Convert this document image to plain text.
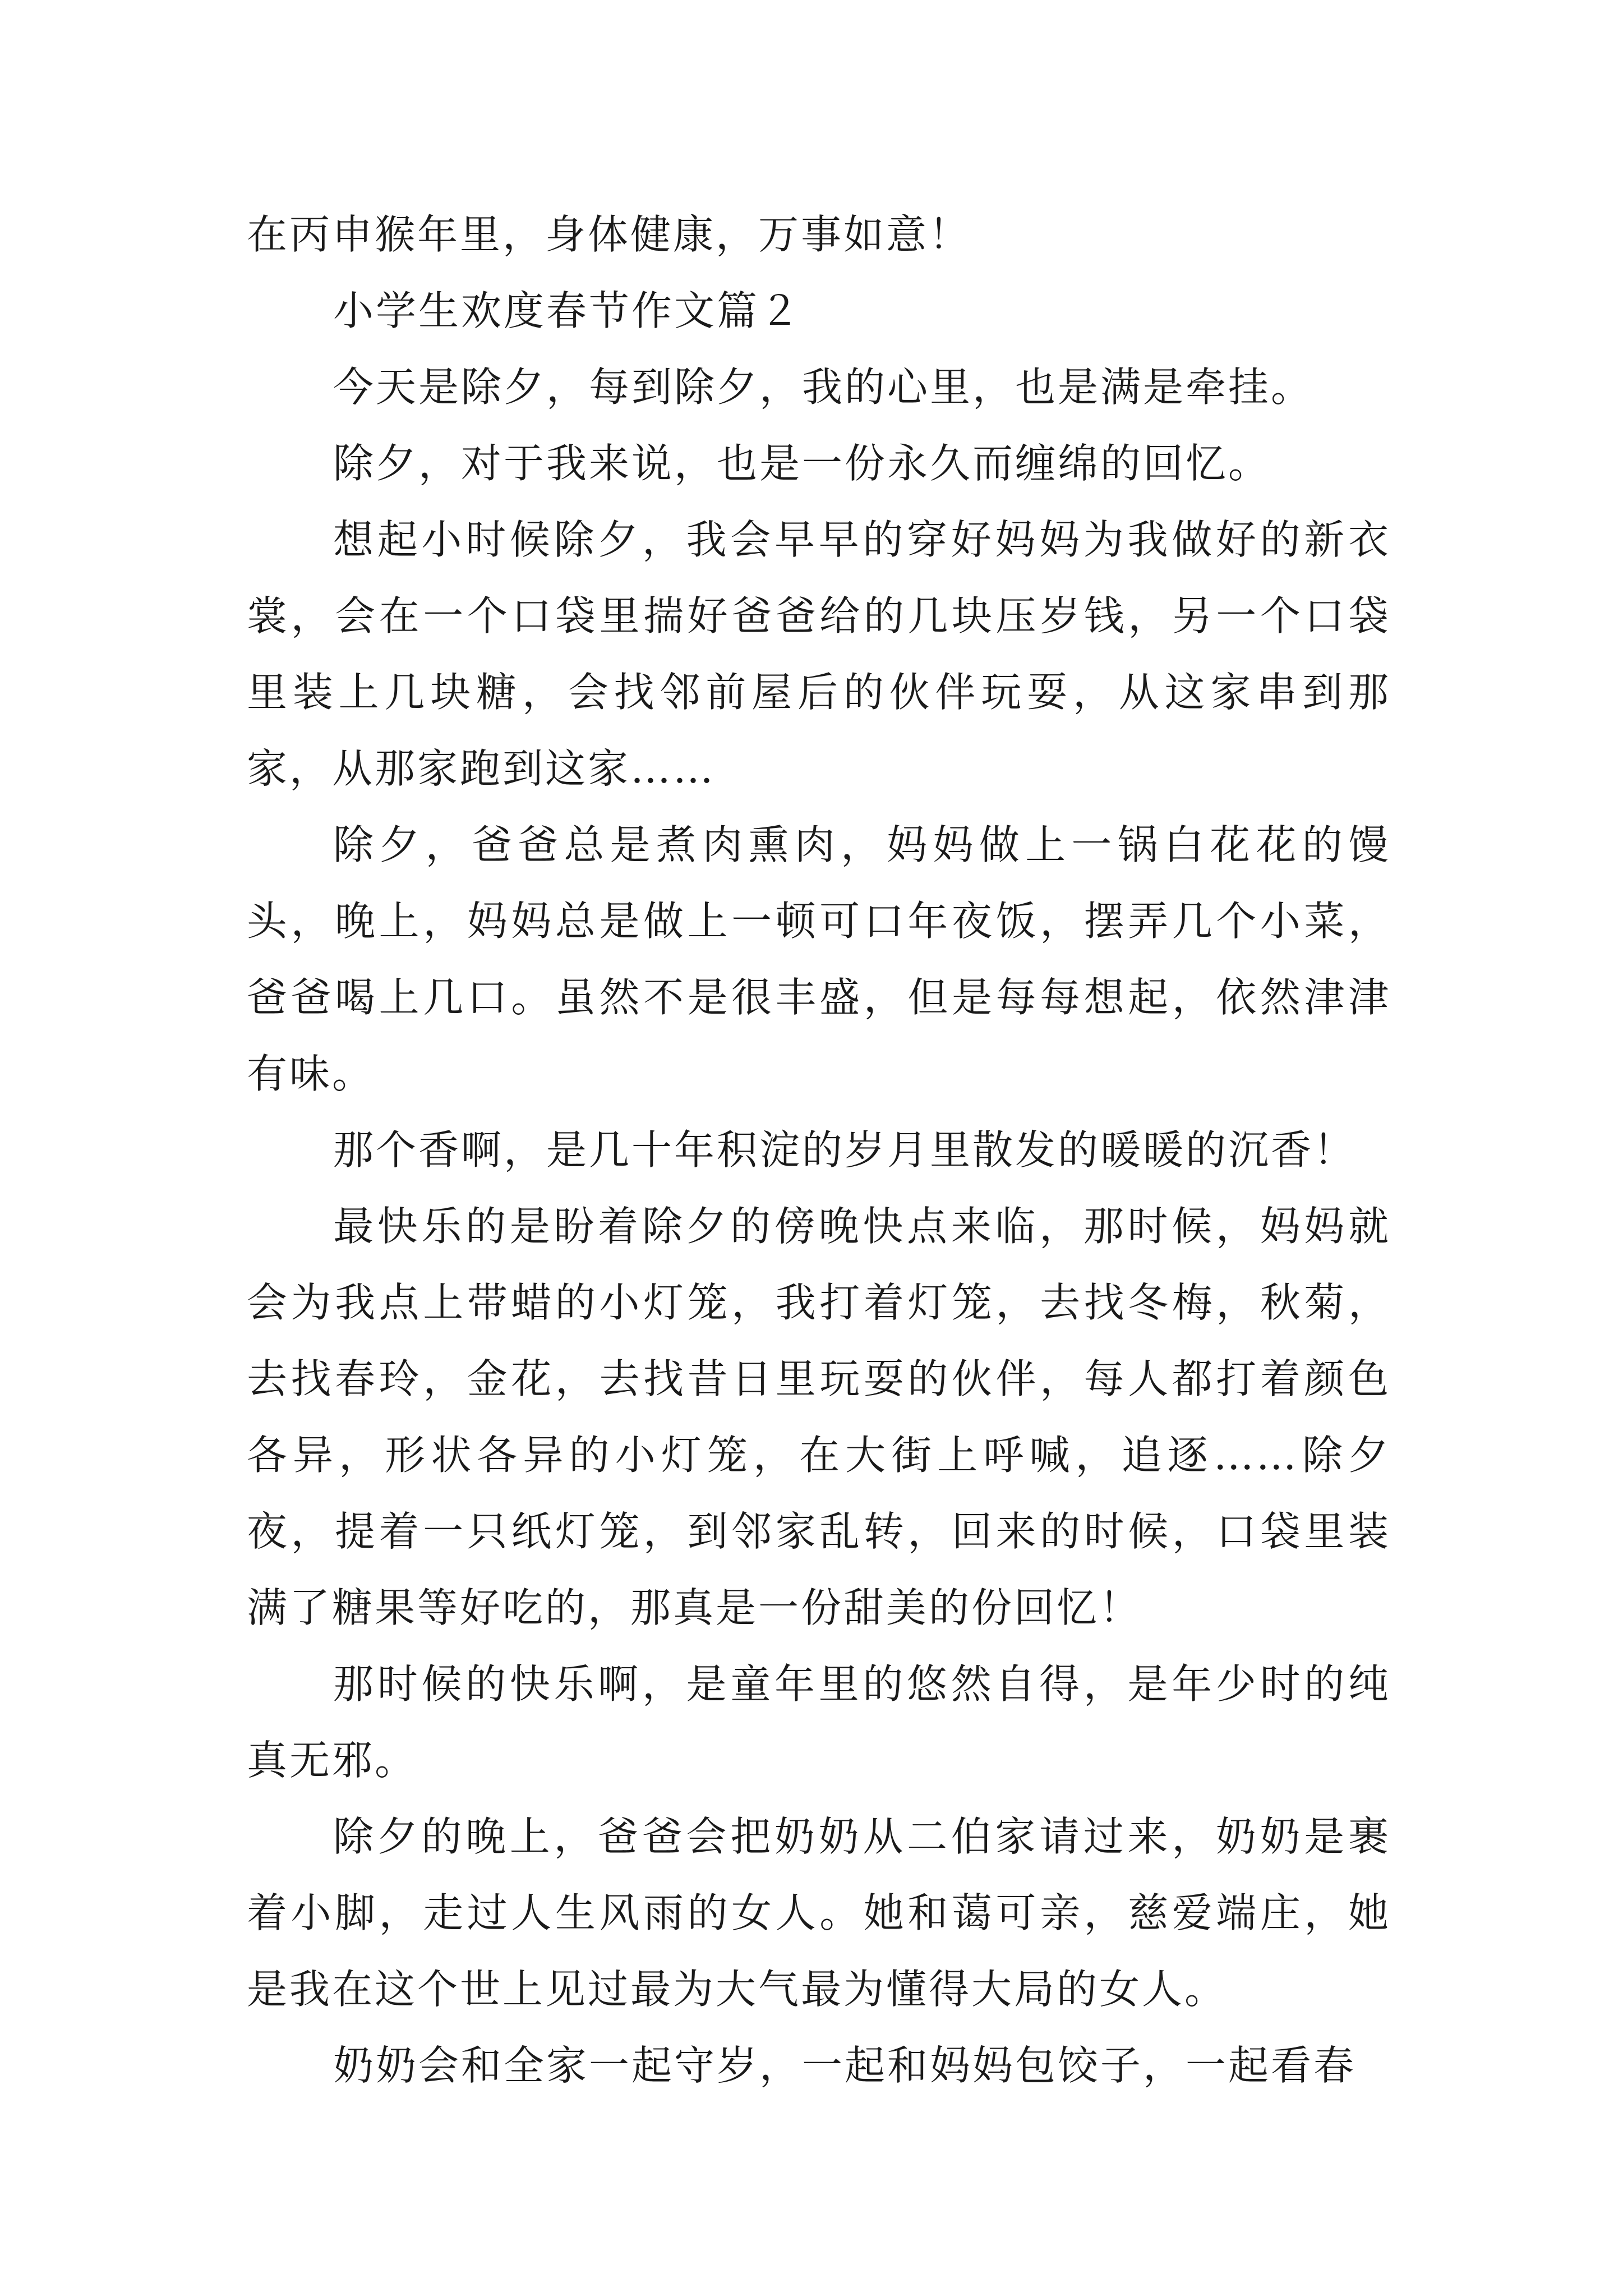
在丙申猴年里，身体健康，万事如意！

小学生欢度春节作文篇２

今天是除夕，每到除夕，我的心里，也是满是牵挂。

除夕，对于我来说，也是一份永久而缠绵的回忆。

想起小时候除夕，我会早早的穿好妈妈为我做好的新衣裳，会在一个口袋里揣好爸爸给的几块压岁钱，另一个口袋里装上几块糖，会找邻前屋后的伙伴玩耍，从这家串到那家，从那家跑到这家……

除夕，爸爸总是煮肉熏肉，妈妈做上一锅白花花的馒头，晚上，妈妈总是做上一顿可口年夜饭，摆弄几个小菜，爸爸喝上几口。虽然不是很丰盛，但是每每想起，依然津津有味。

那个香啊，是几十年积淀的岁月里散发的暖暖的沉香！

最快乐的是盼着除夕的傍晚快点来临，那时候，妈妈就会为我点上带蜡的小灯笼，我打着灯笼，去找冬梅，秋菊，去找春玲，金花，去找昔日里玩耍的伙伴，每人都打着颜色各异，形状各异的小灯笼，在大街上呼喊，追逐……除夕夜，提着一只纸灯笼，到邻家乱转，回来的时候，口袋里装满了糖果等好吃的，那真是一份甜美的份回忆！

那时候的快乐啊，是童年里的悠然自得，是年少时的纯真无邪。

除夕的晚上，爸爸会把奶奶从二伯家请过来，奶奶是裹着小脚，走过人生风雨的女人。她和蔼可亲，慈爱端庄，她是我在这个世上见过最为大气最为懂得大局的女人。

奶奶会和全家一起守岁，一起和妈妈包饺子，一起看春
